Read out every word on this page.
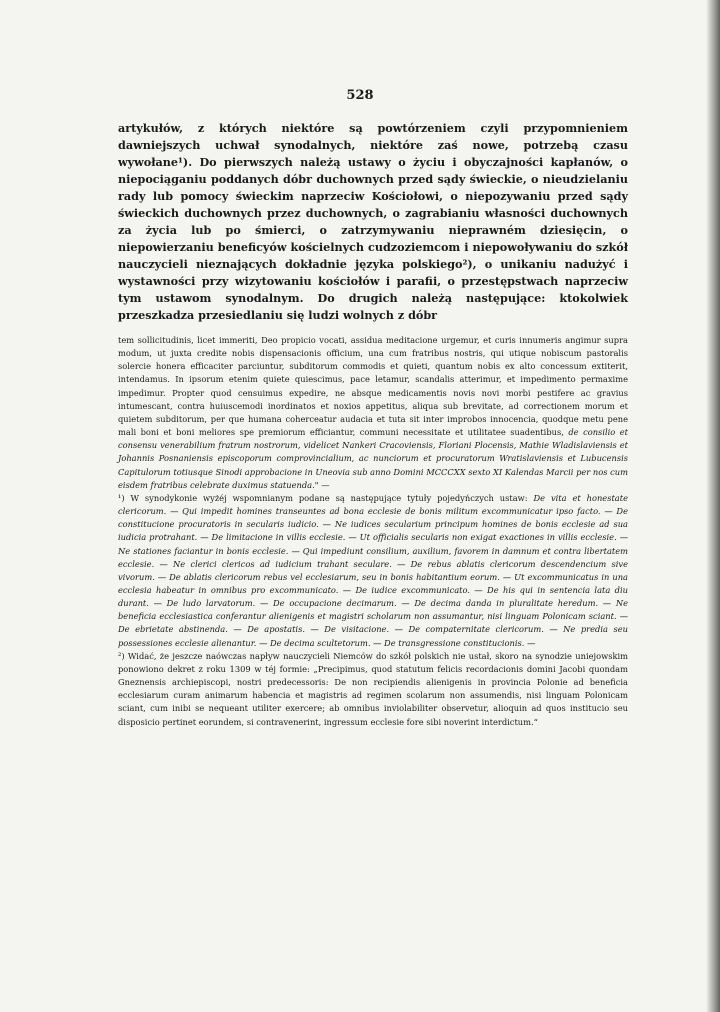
528

artykułów, z których niektóre są powtórzeniem czyli przypomnieniem dawniejszych uchwał synodalnych, niektóre zaś nowe, potrzebą czasu wywołane¹). Do pierwszych należą ustawy o życiu i obyczajności kapłanów, o niepociąganiu poddanych dóbr duchownych przed sądy świeckie, o nieudzielaniu rady lub pomocy świeckim naprzeciw Kościołowi, o niepozywaniu przed sądy świeckich duchownych przez duchownych, o zagrabianiu własności duchownych za życia lub po śmierci, o zatrzymywaniu nieprawném dziesięcin, o niepowierzaniu beneficyów kościelnych cudzoziemcom i niepowoływaniu do szkół nauczycieli nieznających dokładnie języka polskiego²), o unikaniu nadużyć i wystawności przy wizytowaniu kościołów i parafii, o przestępstwach naprzeciw tym ustawom synodalnym. Do drugich należą następujące: ktokolwiek przeszkadza przesiedlaniu się ludzi wolnych z dóbr

tem sollicitudinis, licet immeriti, Deo propicio vocati, assidua meditacione urgemur, et curis innumeris angimur supra modum, ut juxta credite nobis dispensacionis officium, una cum fratribus nostris, qui utique nobiscum pastoralis solercie honera efficaciter parciuntur, subditorum commodis et quieti, quantum nobis ex alto concessum extiterit, intendamus. In ipsorum etenim quiete quiescimus, pace letamur, scandalis atterimur, et impedimento permaxime impedimur. Propter quod censuimus expedire, ne absque medicamentis novis novi morbi pestifere ac gravius intumescant, contra huiuscemodi inordinatos et noxios appetitus, aliqua sub brevitate, ad correctionem morum et quietem subditorum, per que humana coherceatur audacia et tuta sit inter improbos innocencia, quodque metu pene mali boni et boni meliores spe premiorum efficiantur, communi necessitate et utilitatee suadentibus, de consilio et consensu venerabilium fratrum nostrorum, videlicet Nankeri Cracoviensis, Floriani Plocensis, Mathie Wladislaviensis et Johannis Posnaniensis episcoporum comprovincialium, ac nunciorum et procuratorum Wratislaviensis et Lubucensis Capitulorum totiusque Sinodi approbacione in Uneovia sub anno Domini MCCCXX sexto XI Kalendas Marcii per nos cum eisdem fratribus celebrate duximus statuenda." —

¹) W synodykonie wyżéj wspomnianym podane są następujące tytuły pojedyńczych ustaw: De vita et honestate clericorum. — Qui impedit homines transeuntes ad bona ecclesie de bonis militum excommunicatur ipso facto. — De constitucione procuratoris in secularis iudicio. — Ne iudices secularium principum homines de bonis ecclesie ad sua iudicia protrahant. — De limitacione in villis ecclesie. — Ut officialis secularis non exigat exactiones in villis ecclesie. — Ne stationes faciantur in bonis ecclesie. — Qui impediunt consilium, auxilium, favorem in damnum et contra libertatem ecclesie. — Ne clerici clericos ad iudicium trahant seculare. — De rebus ablatis clericorum descendencium sive vivorum. — De ablatis clericorum rebus vel ecclesiarum, seu in bonis habitantium eorum. — Ut excommunicatus in una ecclesia habeatur in omnibus pro excommunicato. — De iudice excommunicato. — De his qui in sentencia lata diu durant. — De ludo larvatorum. — De occupacione decimarum. — De decima danda in pluralitate heredum. — Ne beneficia ecclesiastica conferantur alienigenis et magistri scholarum non assumantur, nisi linguam Polonicam sciant. — De ebrietate abstinenda. — De apostatis. — De visitacione. — De compaternitate clericorum. — Ne predia seu possessiones ecclesie alienantur. — De decima scultetorum. — De transgressione constitucionis. —

²) Widać, że jeszcze naówczas napływ nauczycieli Niemców do szkół polskich nie ustał, skoro na synodzie uniejowskim ponowiono dekret z roku 1309 w téj formie: „Precipimus, quod statutum felicis recordacionis domini Jacobi quondam Gneznensis archiepiscopi, nostri predecessoris: De non recipiendis alienigenis in provincia Polonie ad beneficia ecclesiarum curam animarum habencia et magistris ad regimen scolarum non assumendis, nisi linguam Polonicam sciant, cum inibi se nequeant utiliter exercere; ab omnibus inviolabiliter observetur, alioquin ad quos institucio seu disposicio pertinet eorundem, si contravenerint, ingressum ecclesie fore sibi noverint interdictum.“
